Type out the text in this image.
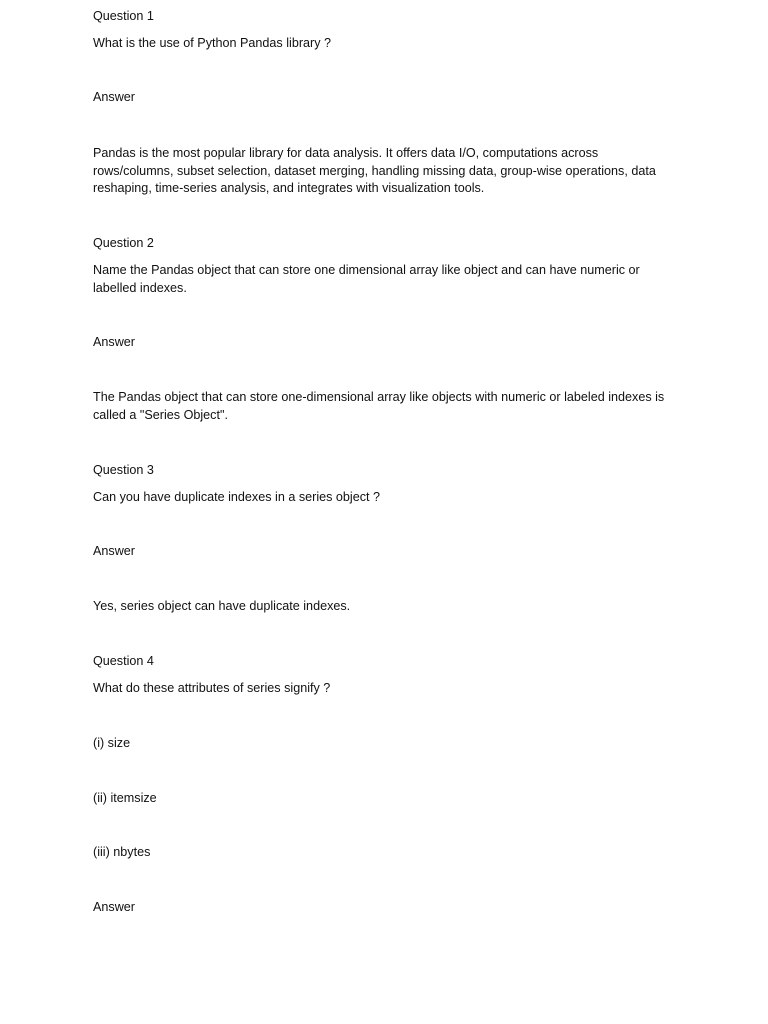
Question 1

What is the use of Python Pandas library ?

Answer

Pandas is the most popular library for data analysis. It offers data I/O, computations across rows/columns, subset selection, dataset merging, handling missing data, group-wise operations, data reshaping, time-series analysis, and integrates with visualization tools.

Question 2

Name the Pandas object that can store one dimensional array like object and can have numeric or labelled indexes.

Answer

The Pandas object that can store one-dimensional array like objects with numeric or labeled indexes is called a "Series Object".

Question 3

Can you have duplicate indexes in a series object ?

Answer

Yes, series object can have duplicate indexes.

Question 4

What do these attributes of series signify ?

(i) size

(ii) itemsize

(iii) nbytes

Answer
